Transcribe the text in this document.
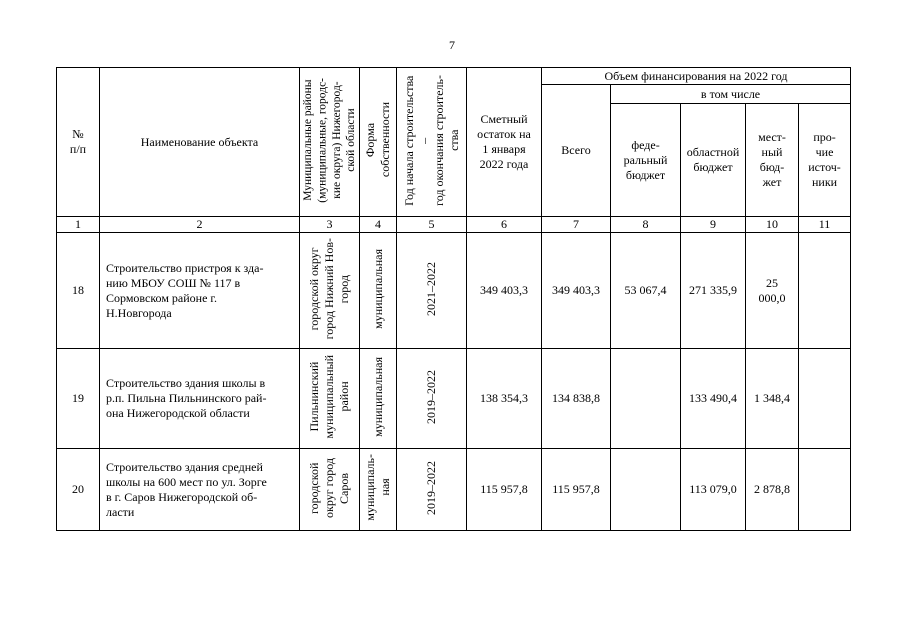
7
№
п/п	Наименование объекта	Муниципальные районы
(муниципальные, городс-
кие округа) Нижегород-
ской области	Форма
собственности	Год начала строительства
–
год окончания строитель-
ства	Сметный
остаток на
1 января
2022 года	Объем финансирования на 2022 год				
						Всего	в том числе			
							феде-
ральный
бюджет	областной
бюджет	мест-
ный
бюд-
жет	про-
чие
источ-
ники
1	2	3	4	5	6	7	8	9	10	11
18	Строительство пристроя к зда-
нию МБОУ СОШ № 117 в
Сормовском районе г.
Н.Новгорода	городской округ
город Нижний Нов-
город	муниципальная	2021–2022	349 403,3	349 403,3	53 067,4	271 335,9	25
000,0	
19	Строительство здания школы в
р.п. Пильна Пильнинского рай-
она Нижегородской области	Пильнинский
муниципальный
район	муниципальная	2019–2022	138 354,3	134 838,8		133 490,4	1 348,4	
20	Строительство здания средней
школы на 600 мест по ул. Зорге
в г. Саров Нижегородской об-
ласти	городской
округ город
Саров	муниципаль-
ная	2019–2022	115 957,8	115 957,8		113 079,0	2 878,8	
